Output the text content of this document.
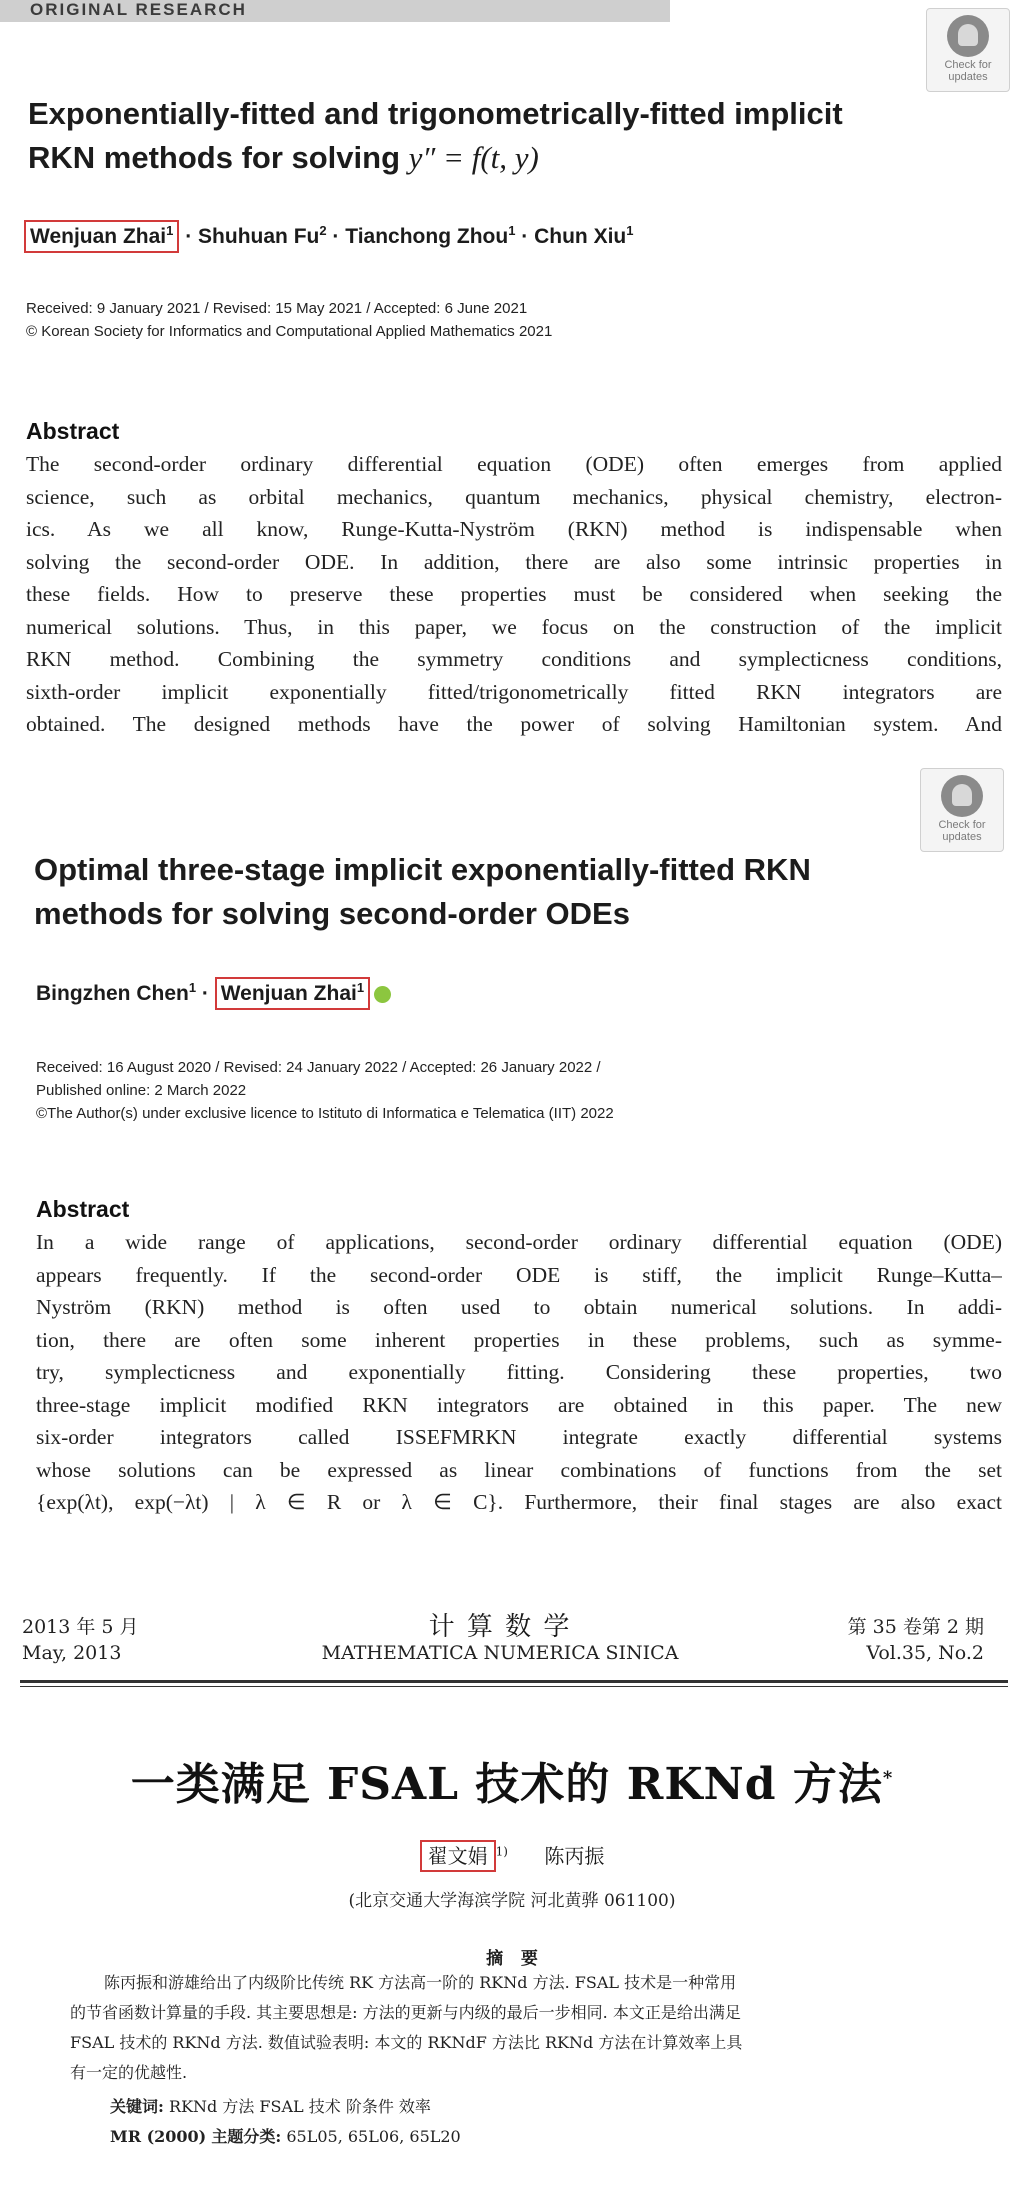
ORIGINAL RESEARCH
Check for
updates
Exponentially-fitted and trigonometrically-fitted implicit
RKN methods for solving y″ = f(t, y)
Wenjuan Zhai$^1$ · Shuhuan $Fu^2$ · Tianchong Zhou$^1$ · Chun Xiu$^1$
Received: 9 January 2021 / Revised: 15 May 2021 / Accepted: 6 June 2021
© Korean Society for Informatics and Computational Applied Mathematics 2021
Abstract

The second-order ordinary differential equation (ODE) often emerges from applied

science, such as orbital mechanics, quantum mechanics, physical chemistry, electron-

ics. As we all know, Runge-Kutta-Nyström (RKN) method is indispensable when

solving the second-order ODE. In addition, there are also some intrinsic properties in

these fields. How to preserve these properties must be considered when seeking the

numerical solutions. Thus, in this paper, we focus on the construction of the implicit

RKN method. Combining the symmetry conditions and symplecticness conditions,

sixth-order implicit exponentially fitted/trigonometrically fitted RKN integrators are

obtained. The designed methods have the power of solving Hamiltonian system. And

Check for
updates
Optimal three-stage implicit exponentially-fitted RKN
methods for solving second-order ODEs
Bingzhen Chen$^1$ · Wenjuan Zhai$^1$
Received: 16 August 2020 / Revised: 24 January 2022 / Accepted: 26 January 2022 /
Published online: 2 March 2022
©The Author(s) under exclusive licence to Istituto di Informatica e Telematica (IIT) 2022
Abstract

In a wide range of applications, second-order ordinary differential equation (ODE)

appears frequently. If the second-order ODE is stiff, the implicit Runge–Kutta–

Nyström (RKN) method is often used to obtain numerical solutions. In addi-

tion, there are often some inherent properties in these problems, such as symme-

try, symplecticness and exponentially fitting. Considering these properties, two

three-stage implicit modified RKN integrators are obtained in this paper. The new

six-order integrators called ISSEFMRKN integrate exactly differential systems

whose solutions can be expressed as linear combinations of functions from the set

{exp(λt), exp(−λt) | λ ∈ R or λ ∈ C}. Furthermore, their final stages are also exact

2013 年 5 月
May, 2013
计 算 数 学
MATHEMATICA NUMERICA SINICA
第 35 卷第 2 期
Vol.35, No.2
一类满足 FSAL 技术的 RKNd 方法*
翟文娟 $^{1)}$ 陈丙振
(北京交通大学海滨学院 河北黄骅 061100)
摘   要

陈丙振和游雄给出了内级阶比传统 RK 方法高一阶的 RKNd 方法. FSAL 技术是一种常用

的节省函数计算量的手段. 其主要思想是: 方法的更新与内级的最后一步相同. 本文正是给出满足

FSAL 技术的 RKNd 方法. 数值试验表明: 本文的 RKNdF 方法比 RKNd 方法在计算效率上具

有一定的优越性.

关键词: RKNd 方法 FSAL 技术 阶条件 效率
MR (2000) 主题分类: 65L05, 65L06, 65L20
